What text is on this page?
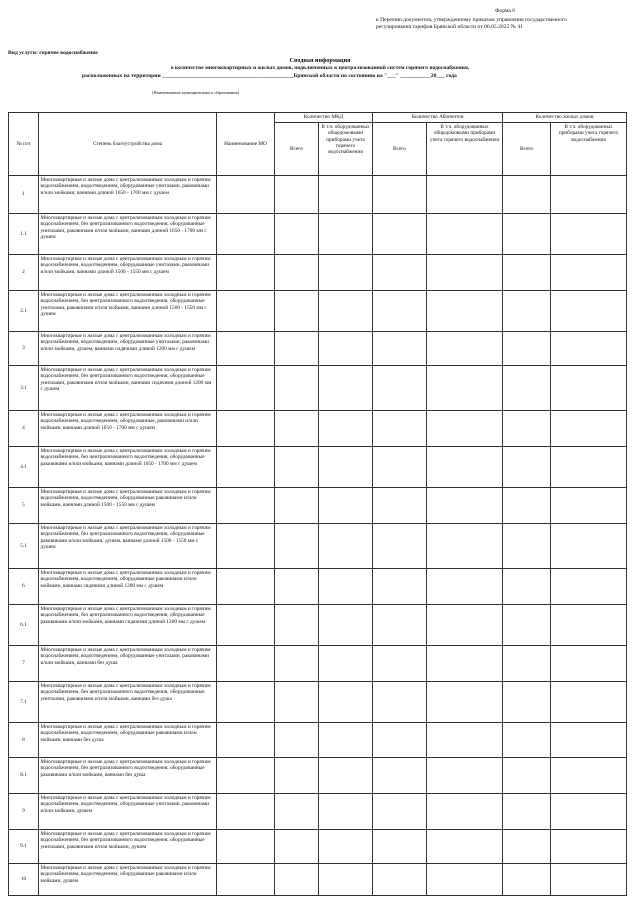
Форма 6
к Перечню документов, утвержденному приказом управления государственного регулирования тарифов Брянской области от 06.05.2022 № 41
Вид услуги: горячее водоснабжение
Сводная информация
о количестве многоквартирных и жилых домов, подключенных к централизованной систем горячего водоснабжения,
расположенных на территории _______________________________________________Брянской области по состоянию на "___" ___________20___ года
(Наименование муниципального образования)
№ п/п	Степень благоустройства дома	Наименование МО	Количество МКД		Количество Абонентов		Количество жилых домов	
			Всего	В т.ч. оборудованных общедомовыми приборами учета горячего водоснабжения	Всего	В т.ч. оборудованных общедомовыми приборами учета горячего водоснабжения	Всего	В т.ч. оборудованных приборами учета горячего водоснабжения
1	Многоквартирные и жилые дома с централизованным холодным и горячим водоснабжением, водоотведением, оборудованные унитазами, раковинами и/или мойками, ваннами длиной 1650 - 1700 мм с душем							
1.1	Многоквартирные и жилые дома с централизованным холодным и горячим водоснабжением, без централизованного водоотведения, оборудованные унитазами, раковинами и/или мойками, ваннами длиной 1650 - 1700 мм с душем							
2	Многоквартирные и жилые дома с централизованным холодным и горячим водоснабжением, водоотведением, оборудованные унитазами, раковинами и/или мойками, ваннами длиной 1500 - 1550 мм с душем							
2.1	Многоквартирные и жилые дома с централизованным холодным и горячим водоснабжением, без централизованного водоотведения, оборудованные унитазами, раковинами и/или мойками, ваннами длиной 1500 - 1550 мм с душем							
3	Многоквартирные и жилые дома с централизованным холодным и горячим водоснабжением, водоотведением, оборудованные унитазами, раковинами и/или мойками, душем, ваннами сидячими длиной 1200 мм с душем							
3.1	Многоквартирные и жилые дома с централизованным холодным и горячим водоснабжением, без централизованного водоотведения, оборудованные унитазами, раковинами и/или мойками, ваннами сидячими длиной 1200 мм с душем							
4	Многоквартирные и жилые дома с централизованным холодным и горячим водоснабжением, водоотведением, оборудованные, раковинами и/или мойками, ваннами длиной 1650 - 1700 мм с душем							
4.1	Многоквартирные и жилые дома с централизованным холодным и горячим водоснабжением, без централизованного водоотведения, оборудованные раковинами и/или мойками, ваннами длиной 1650 - 1700 мм с душем							
5	Многоквартирные и жилые дома с централизованным холодным и горячим водоснабжением, водоотведением, оборудованные раковинами и/или мойками, ваннами длиной 1500 - 1550 мм с душем							
5.1	Многоквартирные и жилые дома с централизованным холодным и горячим водоснабжением, без централизованного водоотведения, оборудованные раковинами и/или мойками, душем, ваннами длиной 1500 - 1550 мм с душем							
6	Многоквартирные и жилые дома с централизованным холодным и горячим водоснабжением, водоотведением, оборудованные раковинами и/или мойками, ваннами сидячими длиной 1200 мм с душем							
6.1	Многоквартирные и жилые дома с централизованным холодным и горячим водоснабжением, без централизованного водоотведения, оборудованные раковинами и/или мойками, ваннами сидячими длиной 1200 мм с душем							
7	Многоквартирные и жилые дома с централизованным холодным и горячим водоснабжением, водоотведением, оборудованные унитазами, раковинами и/или мойками, ваннами без душа							
7.1	Многоквартирные и жилые дома с централизованным холодным и горячим водоснабжением, без централизованного водоотведения, оборудованные унитазами, раковинами и/или мойками, ваннами без душа							
8	Многоквартирные и жилые дома с централизованным холодным и горячим водоснабжением, водоотведением, оборудованные раковинами и/или мойками, ваннами без душа							
8.1	Многоквартирные и жилые дома с централизованным холодным и горячим водоснабжением, без централизованного водоотведения, оборудованные раковинами и/или мойками, ваннами без душа							
9	Многоквартирные и жилые дома с централизованным холодным и горячим водоснабжением, водоотведением, оборудованные унитазами, раковинами и/или мойками, душем							
9.1	Многоквартирные и жилые дома с централизованным холодным и горячим водоснабжением, без централизованного водоотведения, оборудованные унитазами, раковинами и/или мойками, душем							
10	Многоквартирные и жилые дома с централизованным холодным и горячим водоснабжением, водоотведением, оборудованные раковинами и/или мойками, душем							
